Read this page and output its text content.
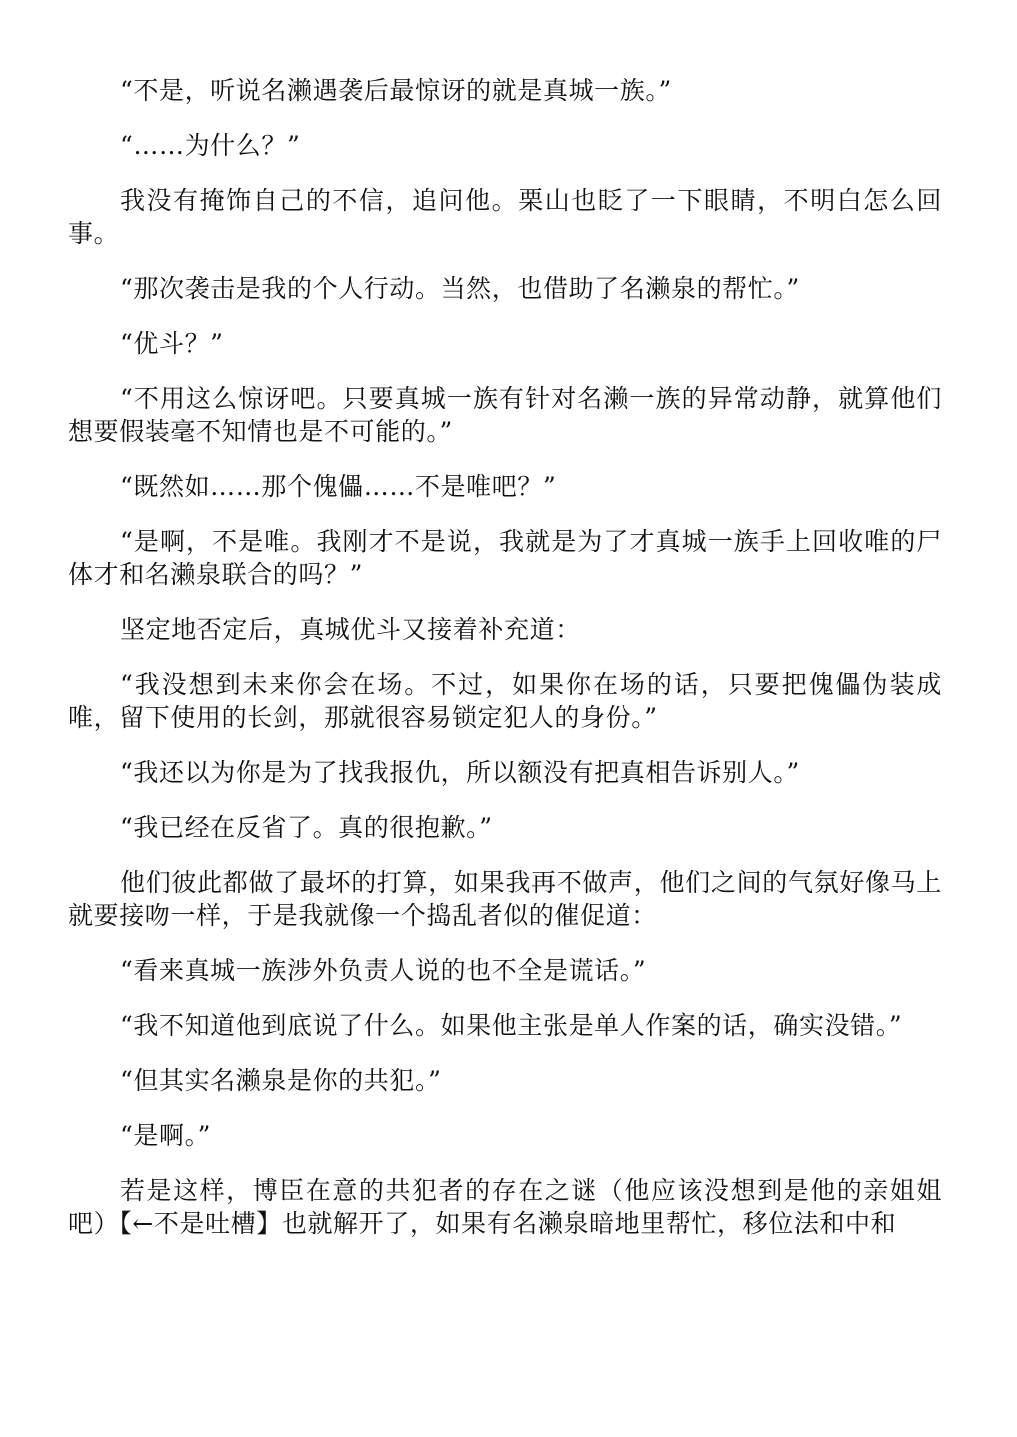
“不是，听说名濑遇袭后最惊讶的就是真城一族。”

“……为什么？”

我没有掩饰自己的不信，追问他。栗山也眨了一下眼睛，不明白怎么回事。

“那次袭击是我的个人行动。当然，也借助了名濑泉的帮忙。”

“优斗？”

“不用这么惊讶吧。只要真城一族有针对名濑一族的异常动静，就算他们想要假装毫不知情也是不可能的。”

“既然如……那个傀儡……不是唯吧？”

“是啊，不是唯。我刚才不是说，我就是为了才真城一族手上回收唯的尸体才和名濑泉联合的吗？”

坚定地否定后，真城优斗又接着补充道：

“我没想到未来你会在场。不过，如果你在场的话，只要把傀儡伪装成唯，留下使用的长剑，那就很容易锁定犯人的身份。”

“我还以为你是为了找我报仇，所以额没有把真相告诉别人。”

“我已经在反省了。真的很抱歉。”

他们彼此都做了最坏的打算，如果我再不做声，他们之间的气氛好像马上就要接吻一样，于是我就像一个捣乱者似的催促道：

“看来真城一族涉外负责人说的也不全是谎话。”

“我不知道他到底说了什么。如果他主张是单人作案的话，确实没错。”

“但其实名濑泉是你的共犯。”

“是啊。”

若是这样，博臣在意的共犯者的存在之谜（他应该没想到是他的亲姐姐吧）【←不是吐槽】也就解开了，如果有名濑泉暗地里帮忙，移位法和中和
